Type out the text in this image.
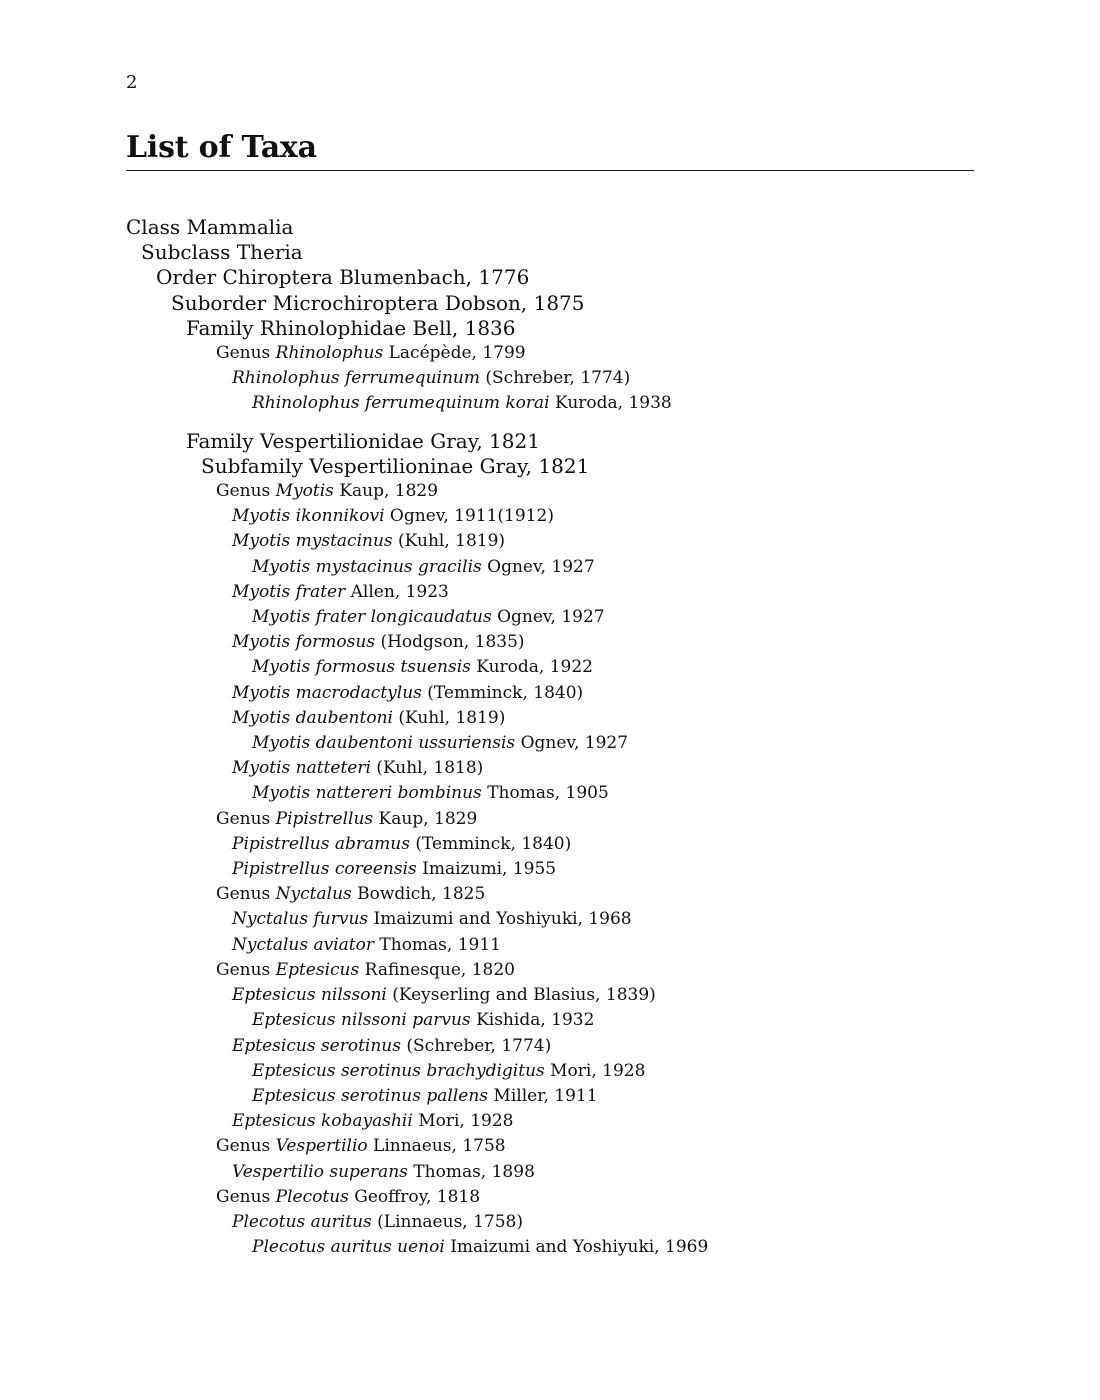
2
List of Taxa
Class Mammalia
Subclass Theria
Order Chiroptera Blumenbach, 1776
Suborder Microchiroptera Dobson, 1875
Family Rhinolophidae Bell, 1836
Genus Rhinolophus Lacépède, 1799
Rhinolophus ferrumequinum (Schreber, 1774)
Rhinolophus ferrumequinum korai Kuroda, 1938
Family Vespertilionidae Gray, 1821
Subfamily Vespertilioninae Gray, 1821
Genus Myotis Kaup, 1829
Myotis ikonnikovi Ognev, 1911(1912)
Myotis mystacinus (Kuhl, 1819)
Myotis mystacinus gracilis Ognev, 1927
Myotis frater Allen, 1923
Myotis frater longicaudatus Ognev, 1927
Myotis formosus (Hodgson, 1835)
Myotis formosus tsuensis Kuroda, 1922
Myotis macrodactylus (Temminck, 1840)
Myotis daubentoni (Kuhl, 1819)
Myotis daubentoni ussuriensis Ognev, 1927
Myotis natteteri (Kuhl, 1818)
Myotis nattereri bombinus Thomas, 1905
Genus Pipistrellus Kaup, 1829
Pipistrellus abramus (Temminck, 1840)
Pipistrellus coreensis Imaizumi, 1955
Genus Nyctalus Bowdich, 1825
Nyctalus furvus Imaizumi and Yoshiyuki, 1968
Nyctalus aviator Thomas, 1911
Genus Eptesicus Rafinesque, 1820
Eptesicus nilssoni (Keyserling and Blasius, 1839)
Eptesicus nilssoni parvus Kishida, 1932
Eptesicus serotinus (Schreber, 1774)
Eptesicus serotinus brachydigitus Mori, 1928
Eptesicus serotinus pallens Miller, 1911
Eptesicus kobayashii Mori, 1928
Genus Vespertilio Linnaeus, 1758
Vespertilio superans Thomas, 1898
Genus Plecotus Geoffroy, 1818
Plecotus auritus (Linnaeus, 1758)
Plecotus auritus uenoi Imaizumi and Yoshiyuki, 1969
